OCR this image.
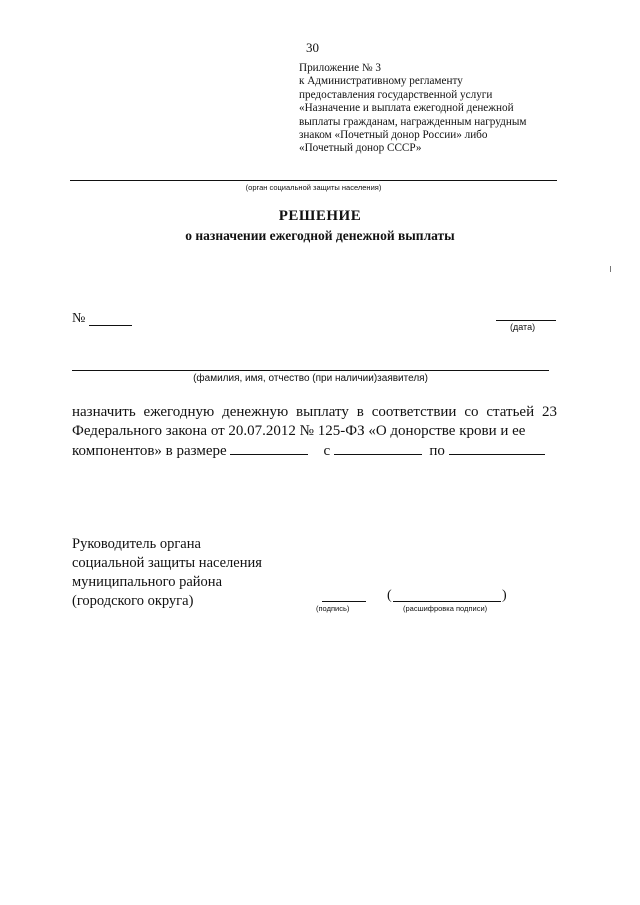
30
Приложение № 3
к Административному регламенту
предоставления государственной услуги
«Назначение и выплата ежегодной денежной
выплаты гражданам, награжденным нагрудным
знаком «Почетный донор России» либо
«Почетный донор СССР»
(орган социальной защиты населения)
РЕШЕНИЕ
о назначении ежегодной денежной выплаты
№
(дата)
(фамилия, имя, отчество (при наличии)заявителя)
назначить ежегодную денежную выплату в соответствии со статьей 23 Федерального закона от 20.07.2012 № 125-ФЗ «О донорстве крови и ее
компонентов» в размере	с	по
Руководитель органа
социальной защиты населения
муниципального района
(городского округа)	(подпись)
(	)
(расшифровка подписи)
